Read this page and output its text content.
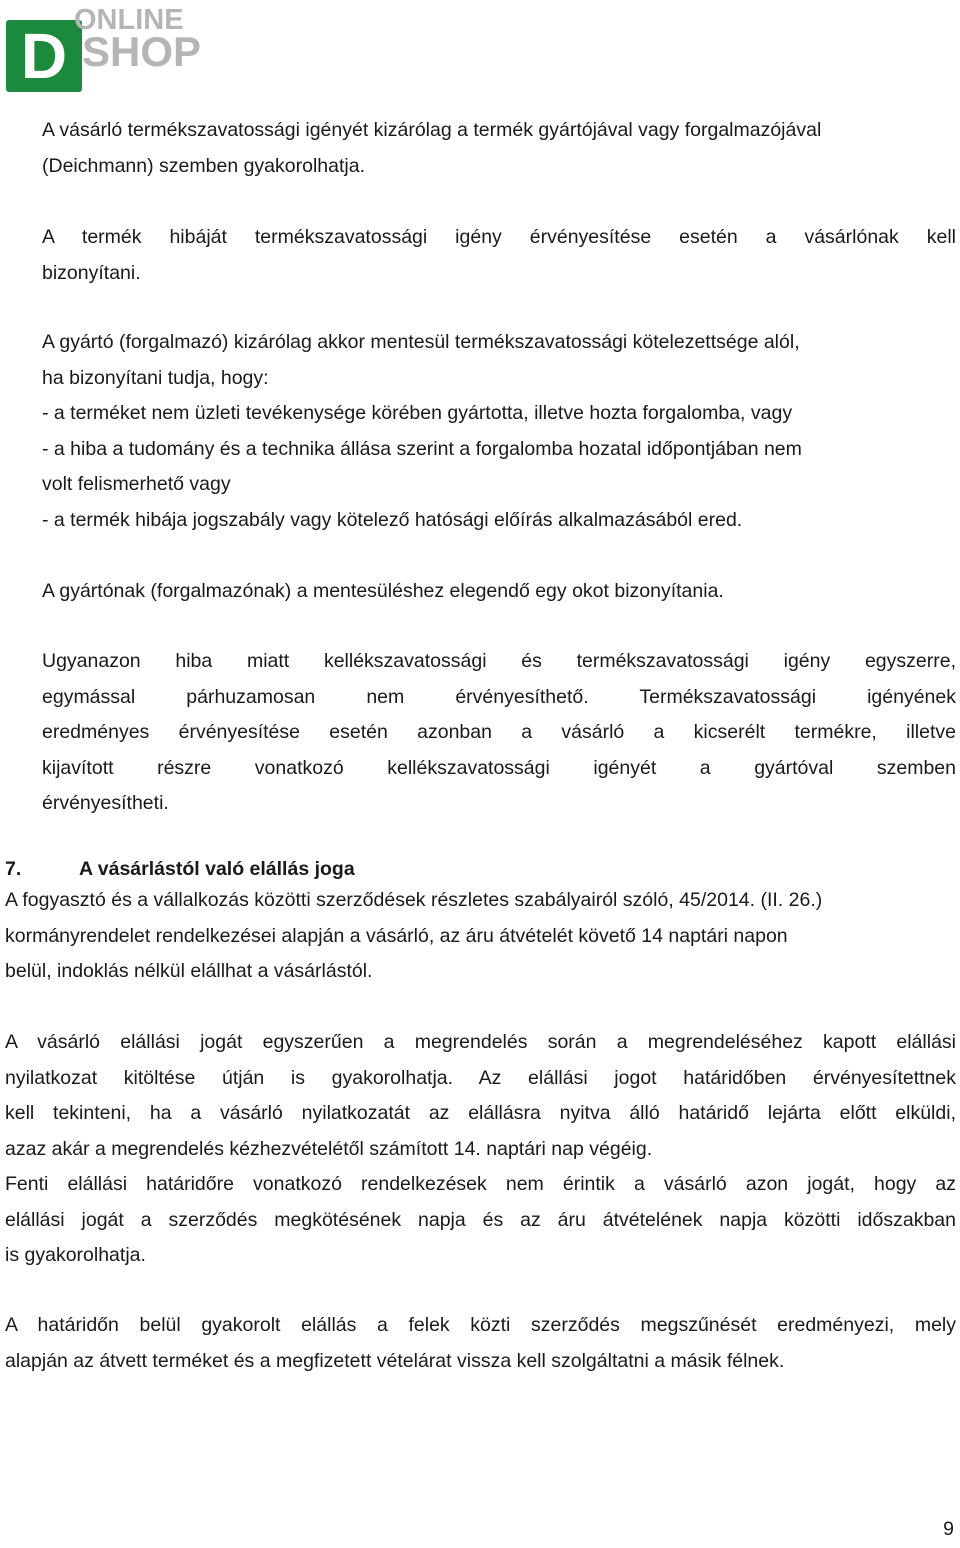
D ONLINE
SHOP
A vásárló termékszavatossági igényét kizárólag a termék gyártójával vagy forgalmazójával
(Deichmann) szemben gyakorolhatja.
A termék hibáját termékszavatossági igény érvényesítése esetén a vásárlónak kell
bizonyítani.
A gyártó (forgalmazó) kizárólag akkor mentesül termékszavatossági kötelezettsége alól,
ha bizonyítani tudja, hogy:
- a terméket nem üzleti tevékenysége körében gyártotta, illetve hozta forgalomba, vagy
- a hiba a tudomány és a technika állása szerint a forgalomba hozatal időpontjában nem
volt felismerhető vagy
- a termék hibája jogszabály vagy kötelező hatósági előírás alkalmazásából ered.
A gyártónak (forgalmazónak) a mentesüléshez elegendő egy okot bizonyítania.
Ugyanazon hiba miatt kellékszavatossági és termékszavatossági igény egyszerre,
egymással párhuzamosan nem érvényesíthető. Termékszavatossági igényének
eredményes érvényesítése esetén azonban a vásárló a kicserélt termékre, illetve
kijavított részre vonatkozó kellékszavatossági igényét a gyártóval szemben
érvényesítheti.
7.	A vásárlástól való elállás joga
A fogyasztó és a vállalkozás közötti szerződések részletes szabályairól szóló, 45/2014. (II. 26.)
kormányrendelet rendelkezései alapján a vásárló, az áru átvételét követő 14 naptári napon
belül, indoklás nélkül elállhat a vásárlástól.
A vásárló elállási jogát egyszerűen a megrendelés során a megrendeléséhez kapott elállási
nyilatkozat kitöltése útján is gyakorolhatja. Az elállási jogot határidőben érvényesítettnek
kell tekinteni, ha a vásárló nyilatkozatát az elállásra nyitva álló határidő lejárta előtt elküldi,
azaz akár a megrendelés kézhezvételétől számított 14. naptári nap végéig.
Fenti elállási határidőre vonatkozó rendelkezések nem érintik a vásárló azon jogát, hogy az
elállási jogát a szerződés megkötésének napja és az áru átvételének napja közötti időszakban
is gyakorolhatja.
A határidőn belül gyakorolt elállás a felek közti szerződés megszűnését eredményezi, mely
alapján az átvett terméket és a megfizetett vételárat vissza kell szolgáltatni a másik félnek.
9
